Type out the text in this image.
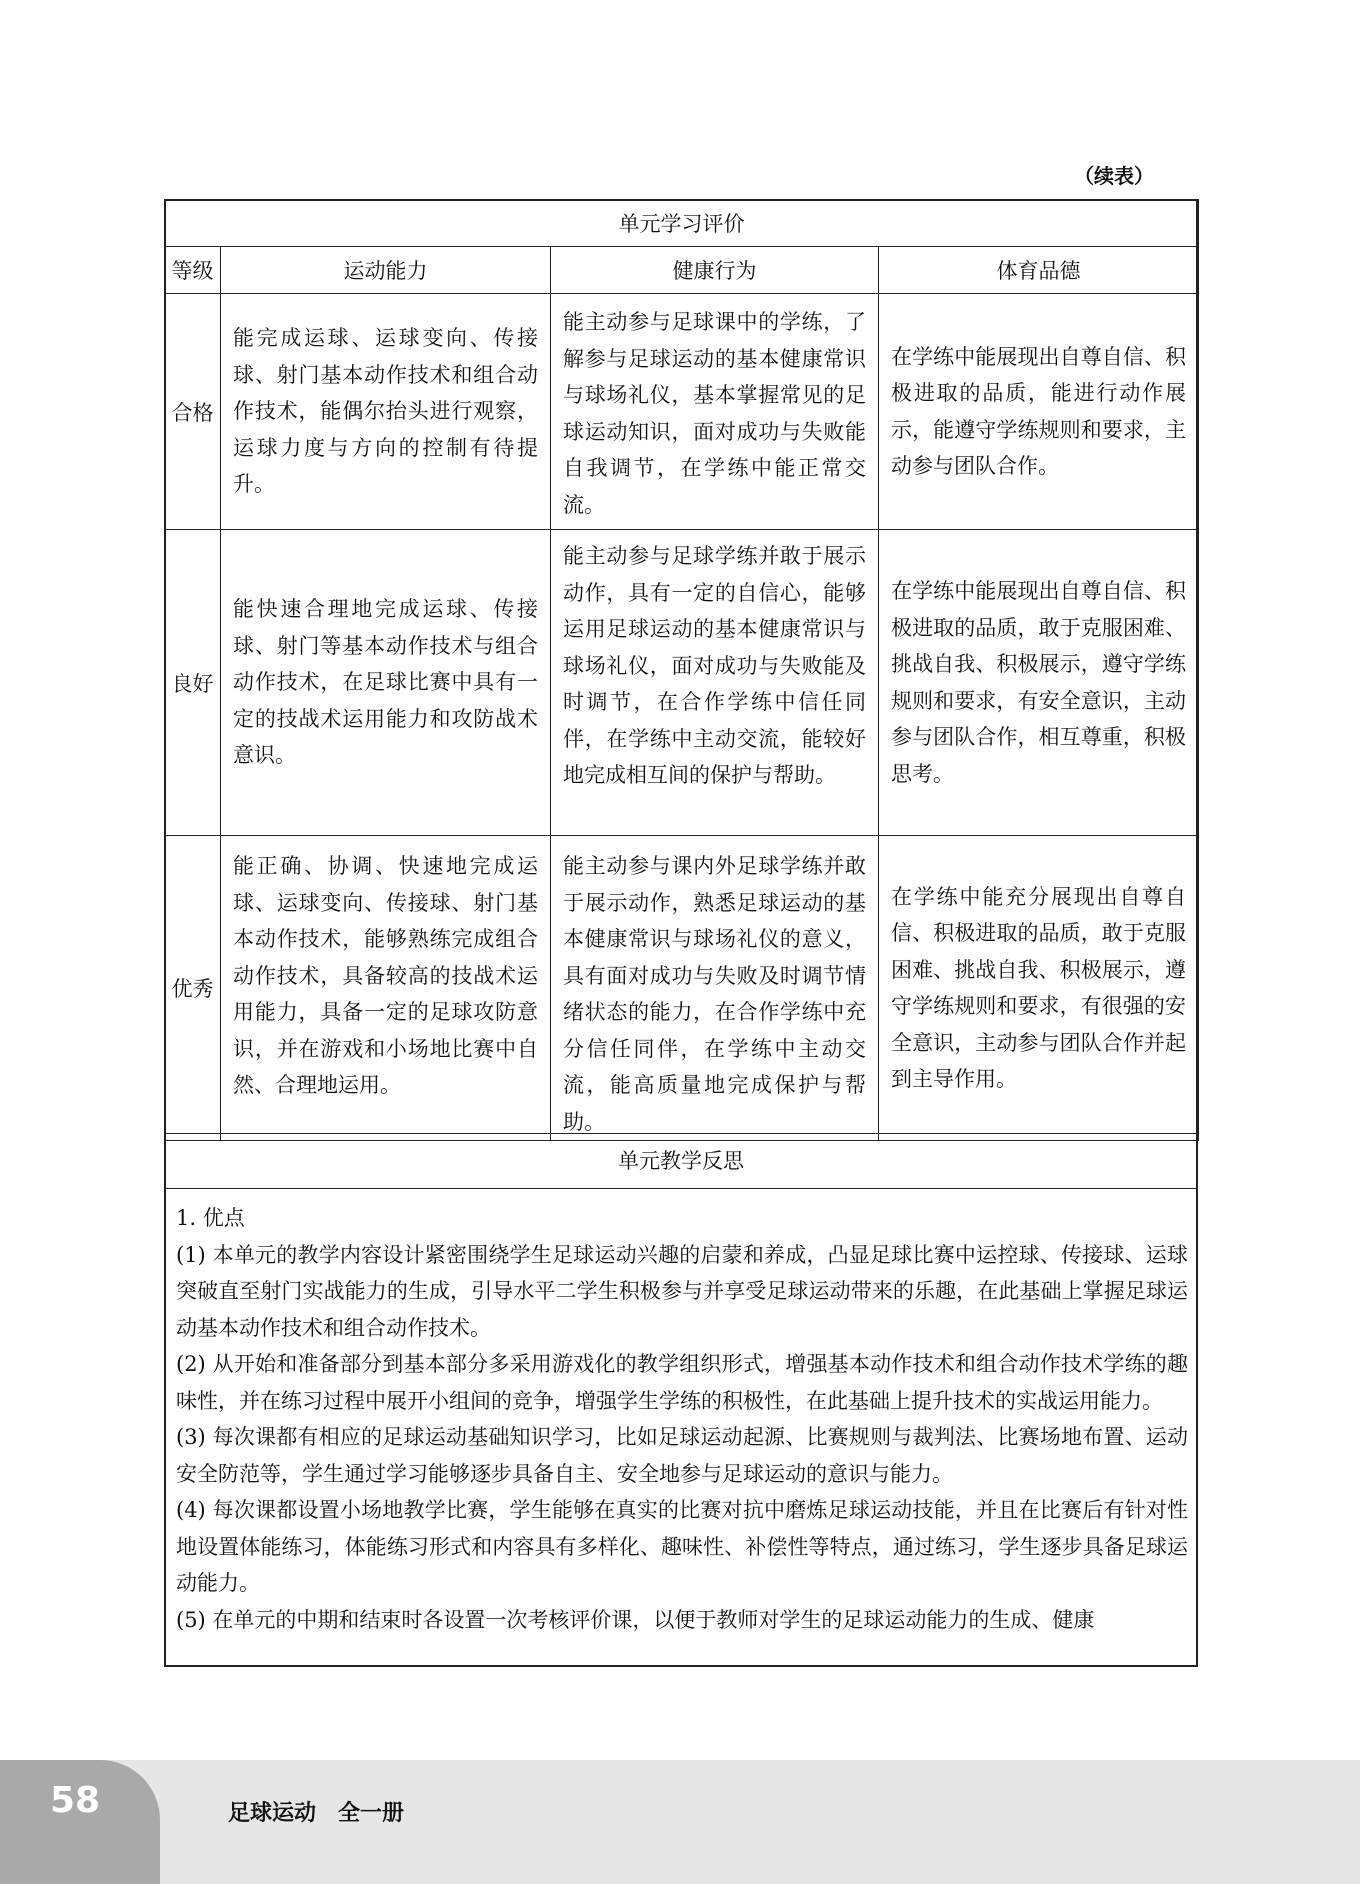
（续表）
单元学习评价			
等级	运动能力	健康行为	体育品德
合格	能完成运球、运球变向、传接球、射门基本动作技术和组合动作技术，能偶尔抬头进行观察，运球力度与方向的控制有待提升。	能主动参与足球课中的学练，了解参与足球运动的基本健康常识与球场礼仪，基本掌握常见的足球运动知识，面对成功与失败能自我调节，在学练中能正常交流。	在学练中能展现出自尊自信、积极进取的品质，能进行动作展示，能遵守学练规则和要求，主动参与团队合作。
良好	能快速合理地完成运球、传接球、射门等基本动作技术与组合动作技术，在足球比赛中具有一定的技战术运用能力和攻防战术意识。	能主动参与足球学练并敢于展示动作，具有一定的自信心，能够运用足球运动的基本健康常识与球场礼仪，面对成功与失败能及时调节，在合作学练中信任同伴，在学练中主动交流，能较好地完成相互间的保护与帮助。	在学练中能展现出自尊自信、积极进取的品质，敢于克服困难、挑战自我、积极展示，遵守学练规则和要求，有安全意识，主动参与团队合作，相互尊重，积极思考。
优秀	能正确、协调、快速地完成运球、运球变向、传接球、射门基本动作技术，能够熟练完成组合动作技术，具备较高的技战术运用能力，具备一定的足球攻防意识，并在游戏和小场地比赛中自然、合理地运用。	能主动参与课内外足球学练并敢于展示动作，熟悉足球运动的基本健康常识与球场礼仪的意义，具有面对成功与失败及时调节情绪状态的能力，在合作学练中充分信任同伴，在学练中主动交流，能高质量地完成保护与帮助。	在学练中能充分展现出自尊自信、积极进取的品质，敢于克服困难、挑战自我、积极展示，遵守学练规则和要求，有很强的安全意识，主动参与团队合作并起到主导作用。
单元教学反思

1. 优点

(1) 本单元的教学内容设计紧密围绕学生足球运动兴趣的启蒙和养成，凸显足球比赛中运控球、传接球、运球突破直至射门实战能力的生成，引导水平二学生积极参与并享受足球运动带来的乐趣，在此基础上掌握足球运动基本动作技术和组合动作技术。

(2) 从开始和准备部分到基本部分多采用游戏化的教学组织形式，增强基本动作技术和组合动作技术学练的趣味性，并在练习过程中展开小组间的竞争，增强学生学练的积极性，在此基础上提升技术的实战运用能力。

(3) 每次课都有相应的足球运动基础知识学习，比如足球运动起源、比赛规则与裁判法、比赛场地布置、运动安全防范等，学生通过学习能够逐步具备自主、安全地参与足球运动的意识与能力。

(4) 每次课都设置小场地教学比赛，学生能够在真实的比赛对抗中磨炼足球运动技能，并且在比赛后有针对性地设置体能练习，体能练习形式和内容具有多样化、趣味性、补偿性等特点，通过练习，学生逐步具备足球运动能力。

(5) 在单元的中期和结束时各设置一次考核评价课，以便于教师对学生的足球运动能力的生成、健康

58	足球运动　全一册
